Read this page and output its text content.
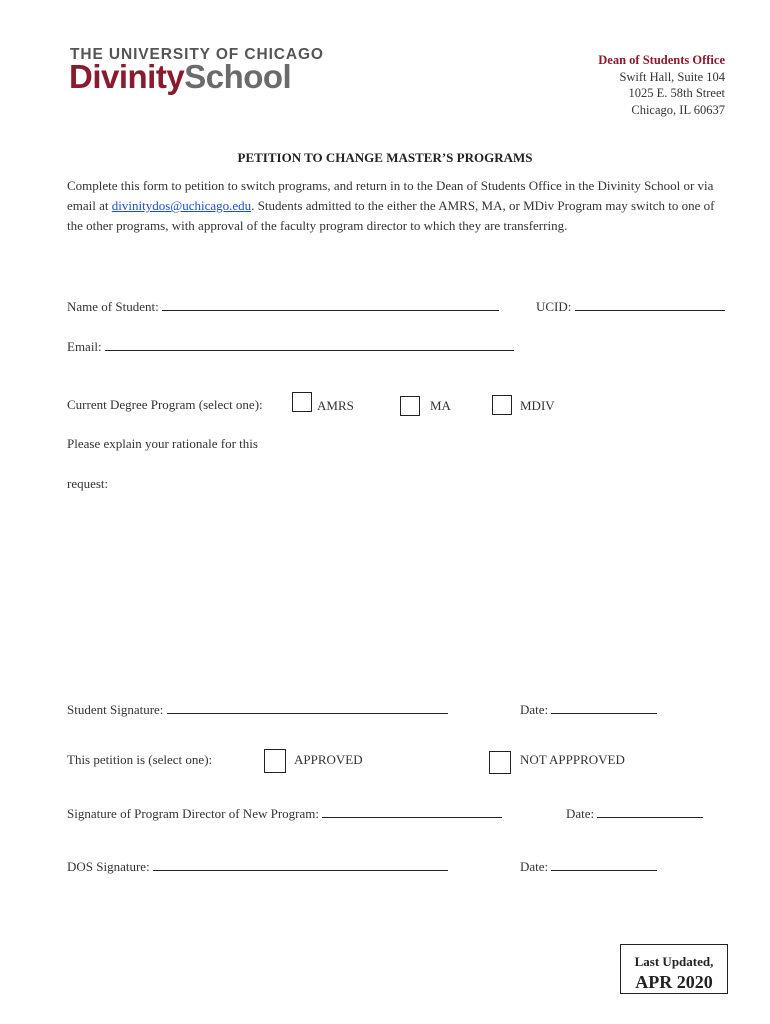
THE UNIVERSITY OF CHICAGO
DivinitySchool	Dean of Students Office
Swift Hall, Suite 104
1025 E. 58th Street
Chicago, IL 60637
PETITION TO CHANGE MASTER’S PROGRAMS
Complete this form to petition to switch programs, and return in to the Dean of Students Office in the Divinity School or via email at divinitydos@uchicago.edu. Students admitted to the either the AMRS, MA, or MDiv Program may switch to one of the other programs, with approval of the faculty program director to which they are transferring.
Name of Student:	UCID:
Email:
Current Degree Program (select one):	AMRS	MA	MDIV
Please explain your rationale for this
request:
Student Signature:	Date:
This petition is (select one):	APPROVED	NOT APPPROVED
Signature of Program Director of New Program:	Date:
DOS Signature:	Date:
Last Updated,
APR 2020
